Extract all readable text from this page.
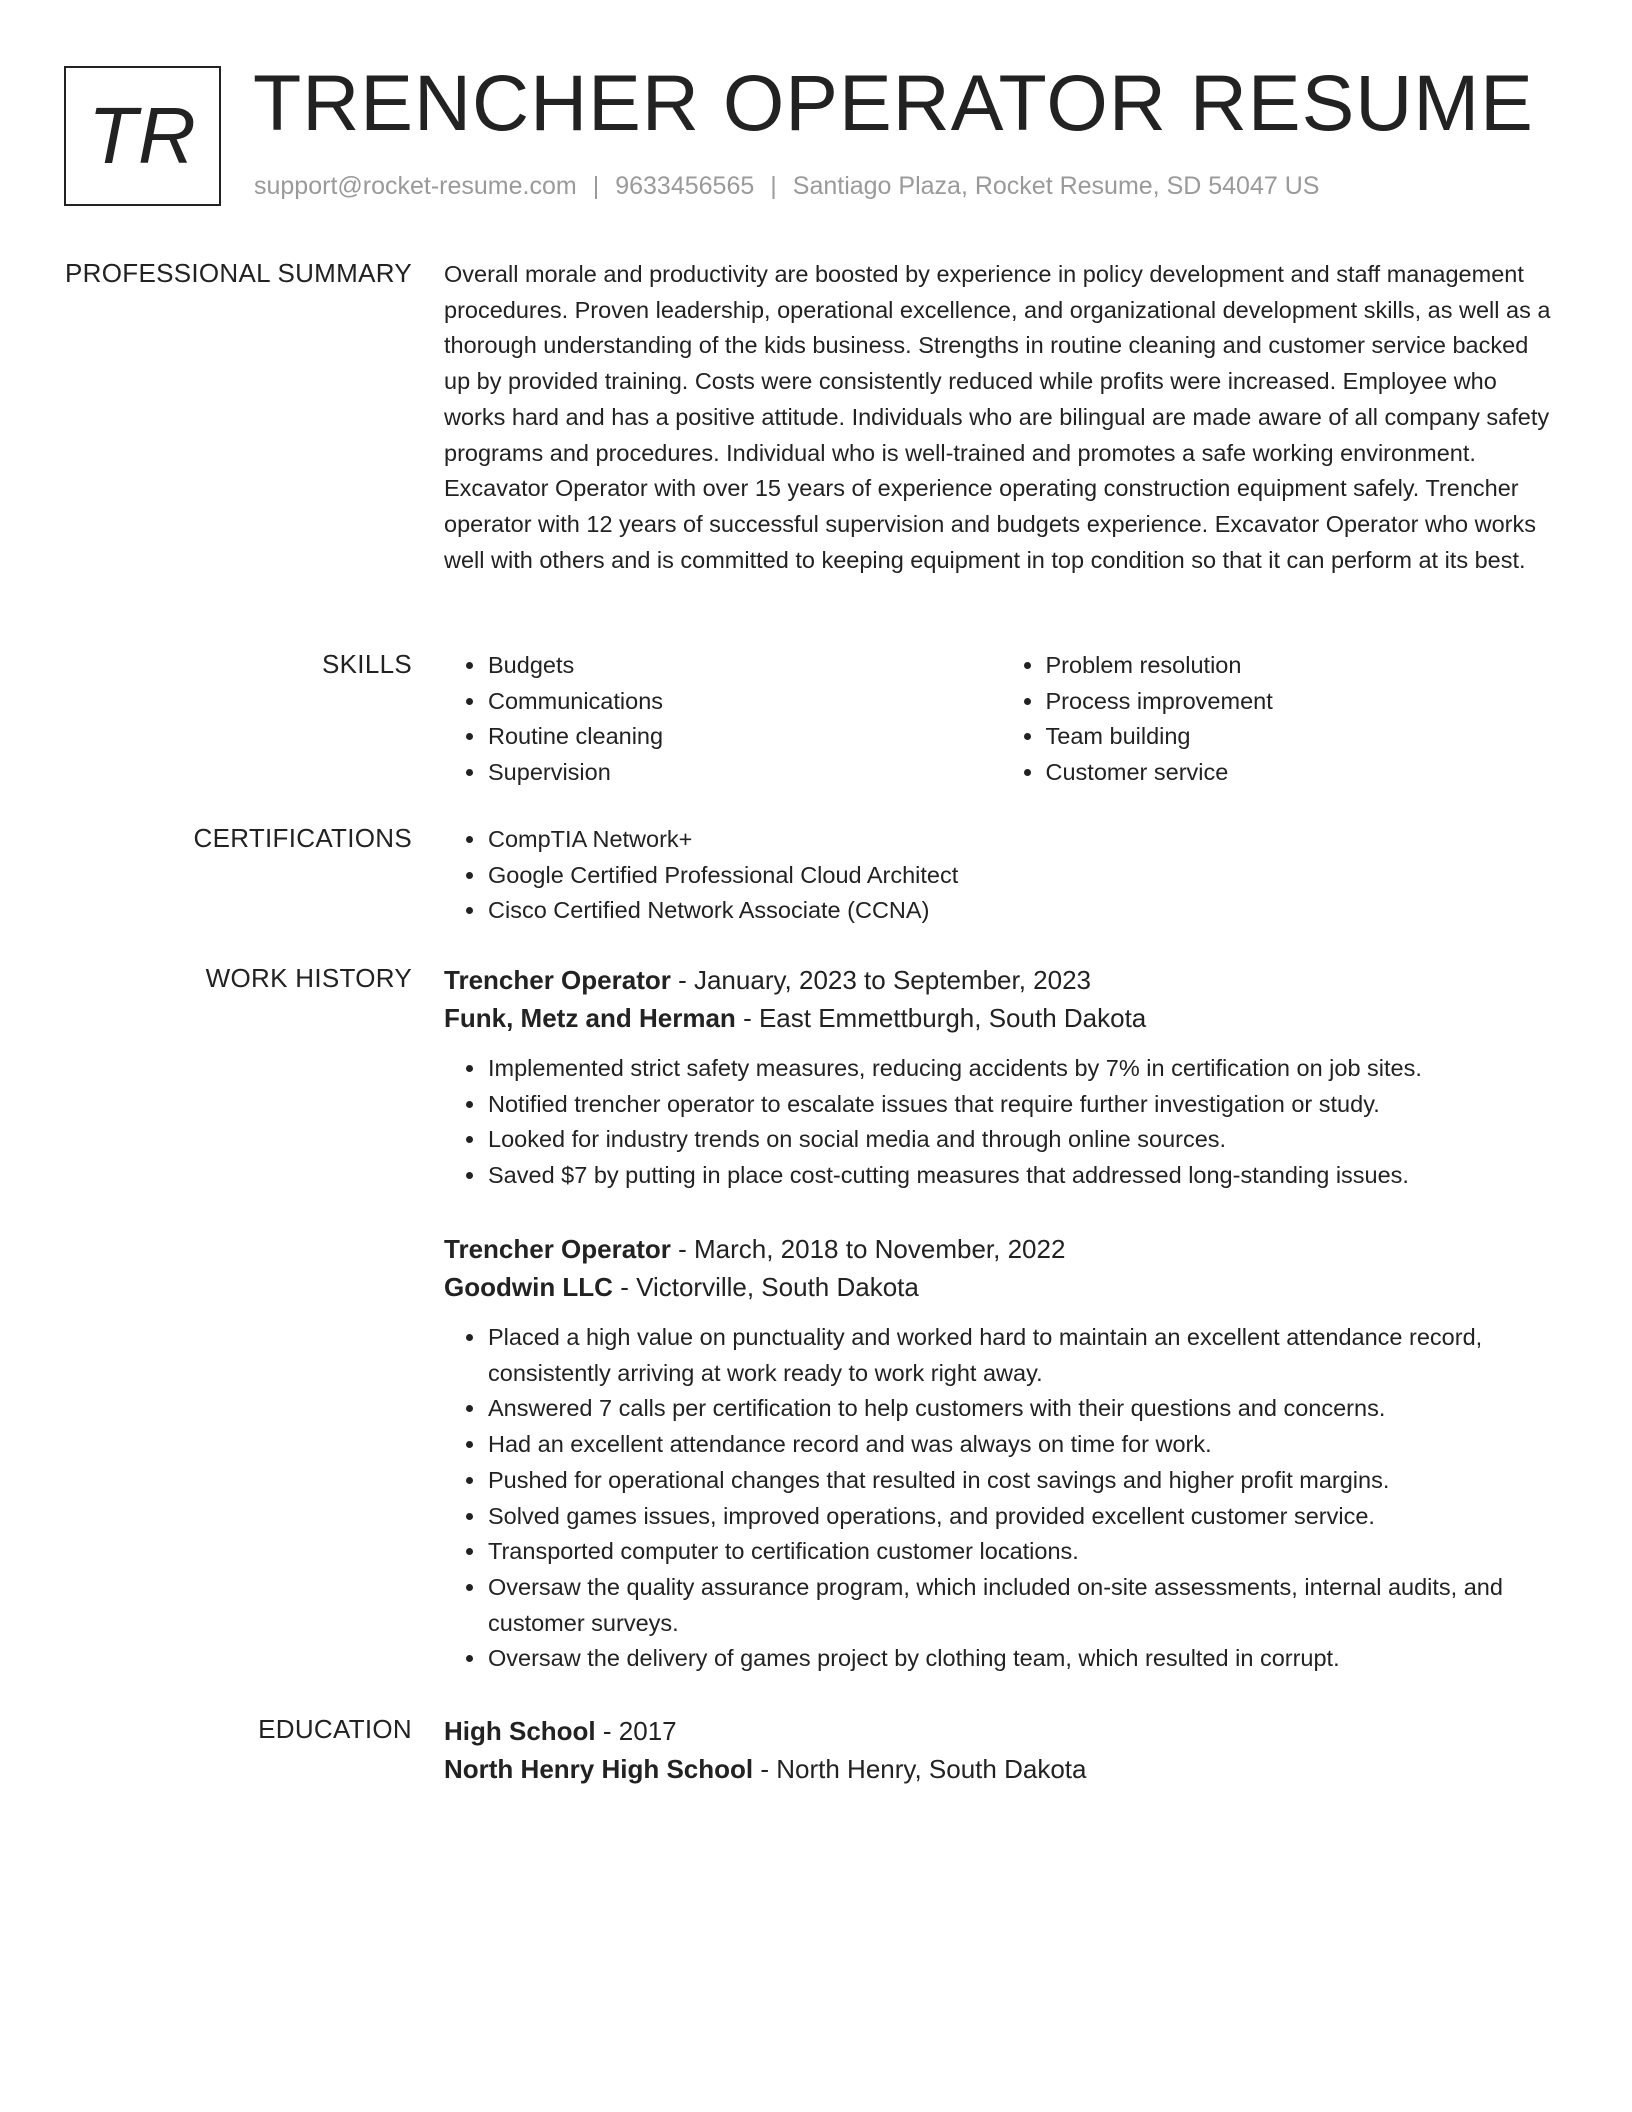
TR TRENCHER OPERATOR RESUME
support@rocket-resume.com | 9633456565 | Santiago Plaza, Rocket Resume, SD 54047 US
PROFESSIONAL SUMMARY Overall morale and productivity are boosted by experience in policy development and staff management procedures. Proven leadership, operational excellence, and organizational development skills, as well as a thorough understanding of the kids business. Strengths in routine cleaning and customer service backed up by provided training. Costs were consistently reduced while profits were increased. Employee who works hard and has a positive attitude. Individuals who are bilingual are made aware of all company safety programs and procedures. Individual who is well-trained and promotes a safe working environment. Excavator Operator with over 15 years of experience operating construction equipment safely. Trencher operator with 12 years of successful supervision and budgets experience. Excavator Operator who works well with others and is committed to keeping equipment in top condition so that it can perform at its best.

SKILLS	• Budgets
• Communications
• Routine cleaning
• Supervision
• Problem resolution
• Process improvement
• Team building
• Customer service
CERTIFICATIONS	• CompTIA Network+
• Google Certified Professional Cloud Architect
• Cisco Certified Network Associate (CCNA)
WORK HISTORY Trencher Operator - January, 2023 to September, 2023
Funk, Metz and Herman - East Emmettburgh, South Dakota
• Implemented strict safety measures, reducing accidents by 7% in certification on job sites.
• Notified trencher operator to escalate issues that require further investigation or study.
• Looked for industry trends on social media and through online sources.
• Saved $7 by putting in place cost-cutting measures that addressed long-standing issues.
Trencher Operator - March, 2018 to November, 2022
Goodwin LLC - Victorville, South Dakota
• Placed a high value on punctuality and worked hard to maintain an excellent attendance record, consistently arriving at work ready to work right away.
• Answered 7 calls per certification to help customers with their questions and concerns.
• Had an excellent attendance record and was always on time for work.
• Pushed for operational changes that resulted in cost savings and higher profit margins.
• Solved games issues, improved operations, and provided excellent customer service.
• Transported computer to certification customer locations.
• Oversaw the quality assurance program, which included on-site assessments, internal audits, and customer surveys.
• Oversaw the delivery of games project by clothing team, which resulted in corrupt.
EDUCATION High School - 2017
North Henry High School - North Henry, South Dakota
